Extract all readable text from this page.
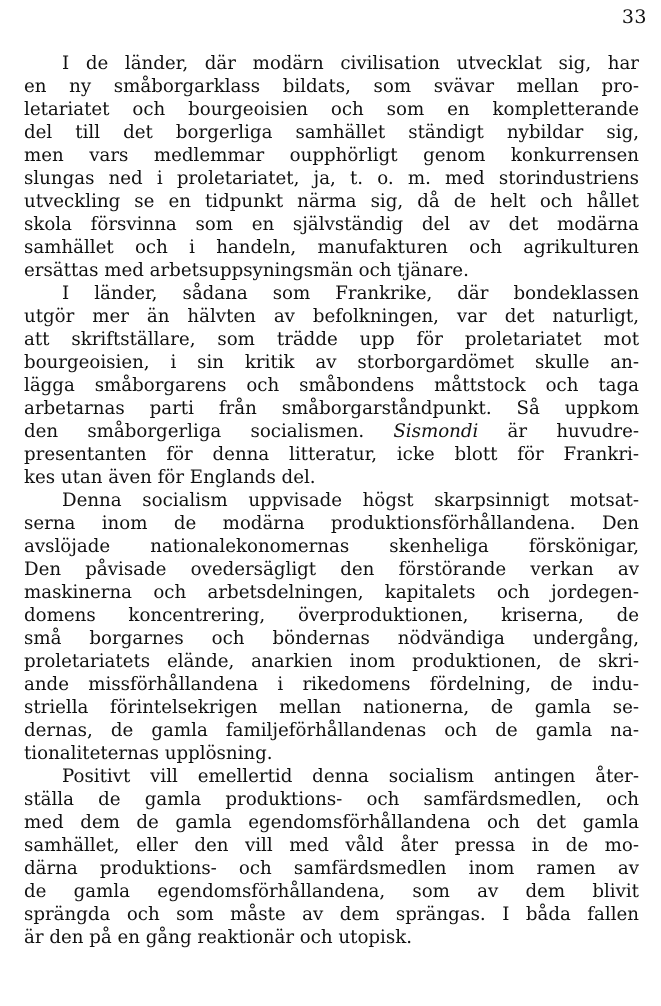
33
I de länder, där modärn civilisation utvecklat sig, har
en ny småborgarklass bildats, som svävar mellan pro-
letariatet och bourgeoisien och som en kompletterande
del till det borgerliga samhället ständigt nybildar sig,
men vars medlemmar oupphörligt genom konkurrensen
slungas ned i proletariatet, ja, t. o. m. med storindustriens
utveckling se en tidpunkt närma sig, då de helt och hållet
skola försvinna som en självständig del av det modärna
samhället och i handeln, manufakturen och agrikulturen
ersättas med arbetsuppsyningsmän och tjänare.
I länder, sådana som Frankrike, där bondeklassen
utgör mer än hälvten av befolkningen, var det naturligt,
att skriftställare, som trädde upp för proletariatet mot
bourgeoisien, i sin kritik av storborgardömet skulle an-
lägga småborgarens och småbondens måttstock och taga
arbetarnas parti från småborgarståndpunkt. Så uppkom
den småborgerliga socialismen. Sismondi är huvudre-
presentanten för denna litteratur, icke blott för Frankri-
kes utan även för Englands del.
Denna socialism uppvisade högst skarpsinnigt motsat-
serna inom de modärna produktionsförhållandena. Den
avslöjade nationalekonomernas skenheliga förskönigar,
Den påvisade ovedersägligt den förstörande verkan av
maskinerna och arbetsdelningen, kapitalets och jordegen-
domens koncentrering, överproduktionen, kriserna, de
små borgarnes och böndernas nödvändiga undergång,
proletariatets elände, anarkien inom produktionen, de skri-
ande missförhållandena i rikedomens fördelning, de indu-
striella förintelsekrigen mellan nationerna, de gamla se-
dernas, de gamla familjeförhållandenas och de gamla na-
tionaliteternas upplösning.
Positivt vill emellertid denna socialism antingen åter-
ställa de gamla produktions- och samfärdsmedlen, och
med dem de gamla egendomsförhållandena och det gamla
samhället, eller den vill med våld åter pressa in de mo-
därna produktions- och samfärdsmedlen inom ramen av
de gamla egendomsförhållandena, som av dem blivit
sprängda och som måste av dem sprängas. I båda fallen
är den på en gång reaktionär och utopisk.
